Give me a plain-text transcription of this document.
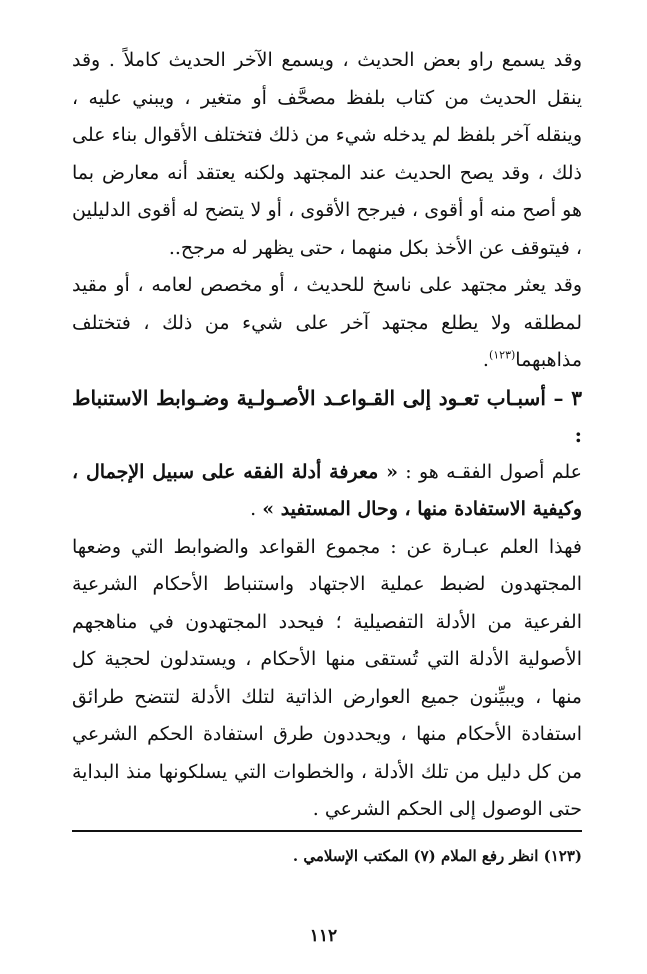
وقد يسمع راو بعض الحديث ، ويسمع الآخر الحديث كاملاً . وقد ينقل الحديث من كتاب بلفظ مصحَّف أو متغير ، ويبني عليه ، وينقله آخر بلفظ لم يدخله شيء من ذلك فتختلف الأقوال بناء على ذلك ، وقد يصح الحديث عند المجتهد ولكنه يعتقد أنه معارض بما هو أصح منه أو أقوى ، فيرجح الأقوى ، أو لا يتضح له أقوى الدليلين ، فيتوقف عن الأخذ بكل منهما ، حتى يظهر له مرجح..

وقد يعثر مجتهد على ناسخ للحديث ، أو مخصص لعامه ، أو مقيد لمطلقه ولا يطلع مجتهد آخر على شيء من ذلك ، فتختلف مذاهبهما$^{(١٢٣)}$.

٣ – أسبـاب تعـود إلى القـواعـد الأصـولـية وضـوابط الاستنباط :

علم أصول الفقـه هو : « معرفة أدلة الفقه على سبيل الإجمال ، وكيفية الاستفادة منها ، وحال المستفيد » .

فهذا العلم عبـارة عن : مجموع القواعد والضوابط التي وضعها المجتهدون لضبط عملية الاجتهاد واستنباط الأحكام الشرعية الفرعية من الأدلة التفصيلية ؛ فيحدد المجتهدون في مناهجهم الأصولية الأدلة التي تُستقى منها الأحكام ، ويستدلون لحجية كل منها ، ويبيِّنون جميع العوارض الذاتية لتلك الأدلة لتتضح طرائق استفادة الأحكام منها ، ويحددون طرق استفادة الحكم الشرعي من كل دليل من تلك الأدلة ، والخطوات التي يسلكونها منذ البداية حتى الوصول إلى الحكم الشرعي .

(١٢٣) انظر رفع الملام (٧) المكتب الإسلامي .
١١٢
